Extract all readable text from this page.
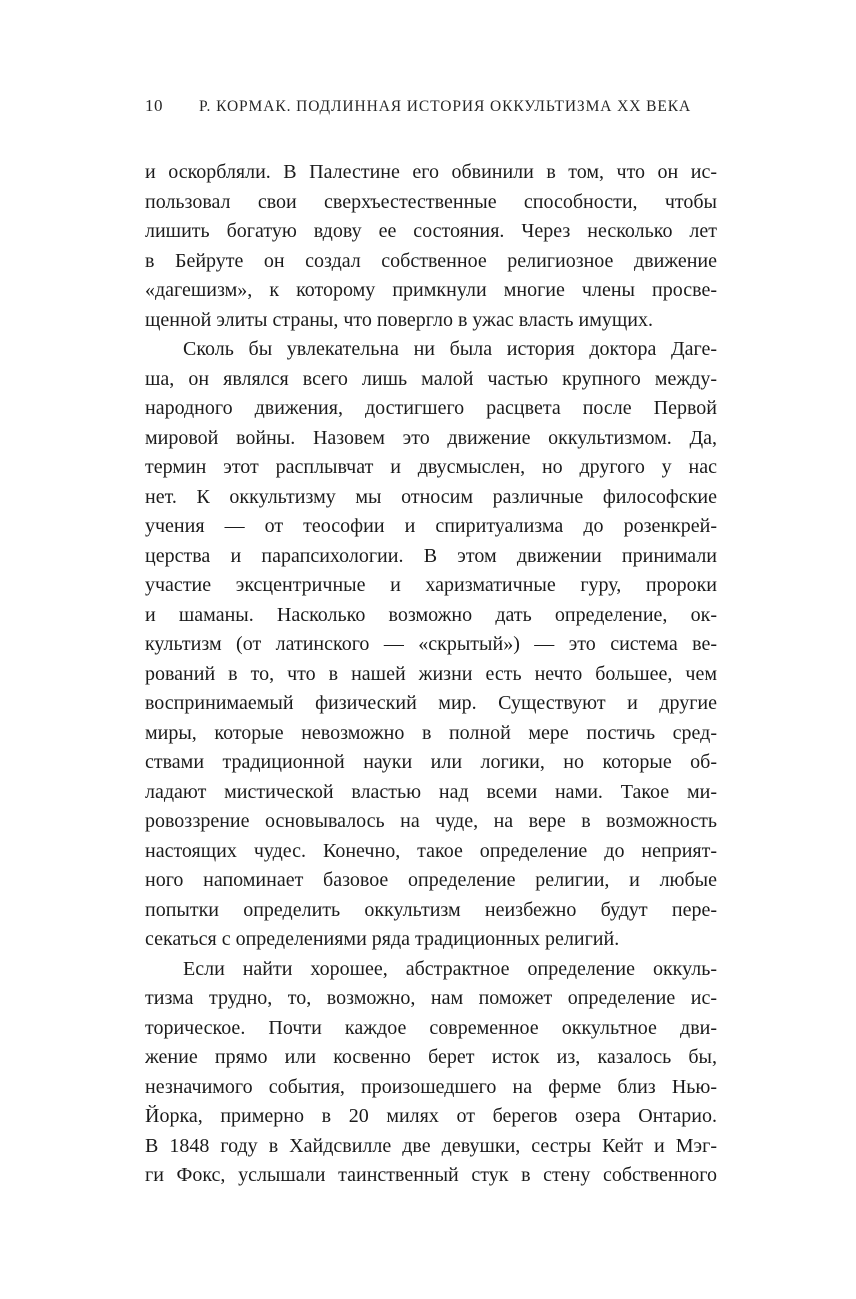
10	Р. КОРМАК. ПОДЛИННАЯ ИСТОРИЯ ОККУЛЬТИЗМА XX ВЕКА
и оскорбляли. В Палестине его обвинили в том, что он ис-
пользовал свои сверхъестественные способности, чтобы
лишить богатую вдову ее состояния. Через несколько лет
в Бейруте он создал собственное религиозное движение
«дагешизм», к которому примкнули многие члены просве-
щенной элиты страны, что повергло в ужас власть имущих.
Сколь бы увлекательна ни была история доктора Даге-
ша, он являлся всего лишь малой частью крупного между-
народного движения, достигшего расцвета после Первой
мировой войны. Назовем это движение оккультизмом. Да,
термин этот расплывчат и двусмыслен, но другого у нас
нет. К оккультизму мы относим различные философские
учения — от теософии и спиритуализма до розенкрей-
церства и парапсихологии. В этом движении принимали
участие эксцентричные и харизматичные гуру, пророки
и шаманы. Насколько возможно дать определение, ок-
культизм (от латинского — «скрытый») — это система ве-
рований в то, что в нашей жизни есть нечто большее, чем
воспринимаемый физический мир. Существуют и другие
миры, которые невозможно в полной мере постичь сред-
ствами традиционной науки или логики, но которые об-
ладают мистической властью над всеми нами. Такое ми-
ровоззрение основывалось на чуде, на вере в возможность
настоящих чудес. Конечно, такое определение до неприят-
ного напоминает базовое определение религии, и любые
попытки определить оккультизм неизбежно будут пере-
секаться с определениями ряда традиционных религий.
Если найти хорошее, абстрактное определение оккуль-
тизма трудно, то, возможно, нам поможет определение ис-
торическое. Почти каждое современное оккультное дви-
жение прямо или косвенно берет исток из, казалось бы,
незначимого события, произошедшего на ферме близ Нью-
Йорка, примерно в 20 милях от берегов озера Онтарио.
В 1848 году в Хайдсвилле две девушки, сестры Кейт и Мэг-
ги Фокс, услышали таинственный стук в стену собственного
